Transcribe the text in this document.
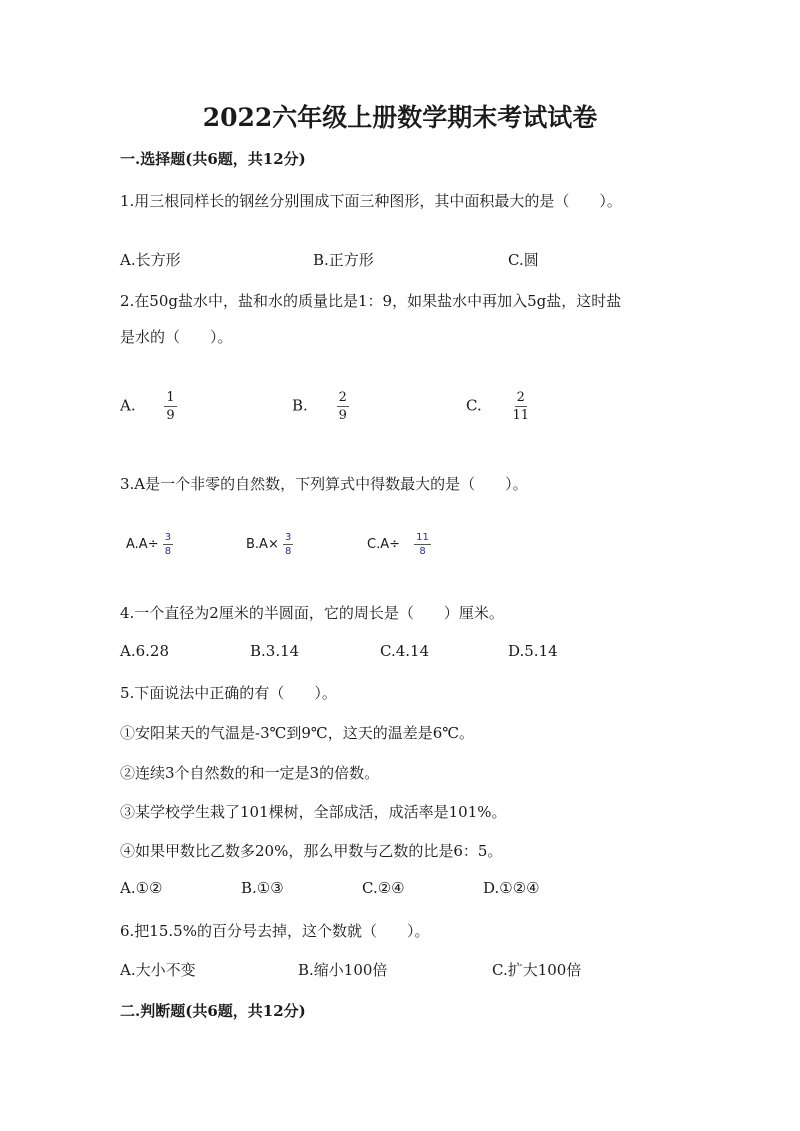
2022六年级上册数学期末考试试卷
一.选择题(共6题，共12分)
1.用三根同样长的钢丝分别围成下面三种图形，其中面积最大的是（　　）。
A.长方形	B.正方形	C.圆
2.在50g盐水中，盐和水的质量比是1：9，如果盐水中再加入5g盐，这时盐
是水的（　　）。
A. $\frac{1}{9}$	B. $\frac{2}{9}$	C. $\frac{2}{11}$
3.A是一个非零的自然数，下列算式中得数最大的是（　　）。
$A.A\div \frac{3}{8}$	$B.A\times \frac{3}{8}$	$C.A\div \frac{11}{8}$
4.一个直径为2厘米的半圆面，它的周长是（　　）厘米。
A.6.28	B.3.14	C.4.14	D.5.14
5.下面说法中正确的有（　　）。
①安阳某天的气温是-3℃到9℃，这天的温差是6℃。
②连续3个自然数的和一定是3的倍数。
③某学校学生栽了101棵树，全部成活，成活率是101%。
④如果甲数比乙数多20%，那么甲数与乙数的比是6：5。
A.①②	B.①③	C.②④	D.①②④
6.把15.5%的百分号去掉，这个数就（　　）。
A.大小不变	B.缩小100倍	C.扩大100倍
二.判断题(共6题，共12分)
